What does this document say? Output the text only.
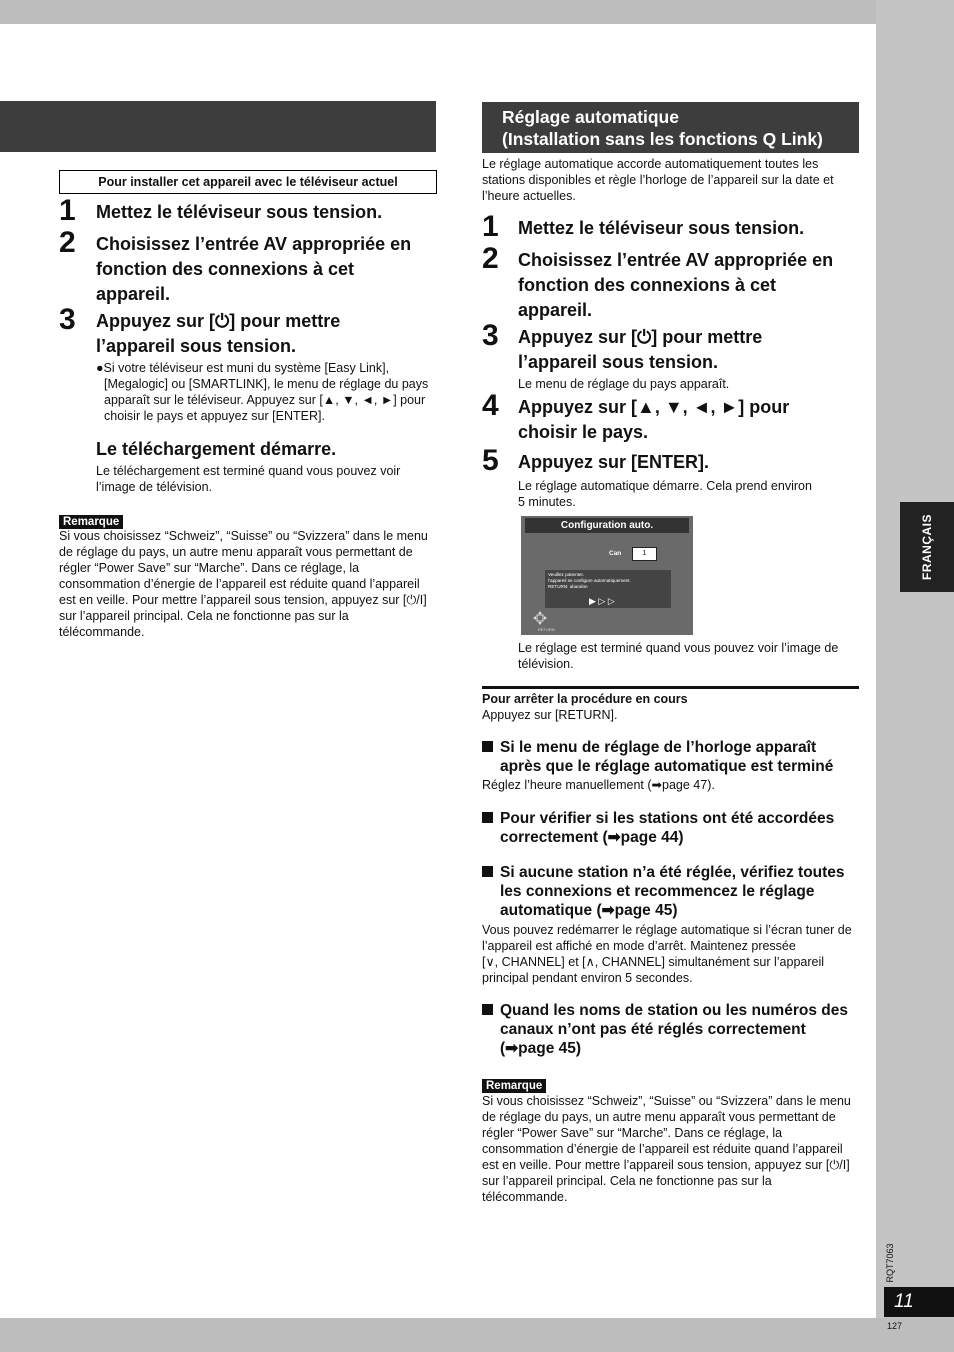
FRANÇAIS
RQT7063
11
127
Pour installer cet appareil avec le téléviseur actuel
1 Mettez le téléviseur sous tension.
2 Choisissez l’entrée AV appropriée en
fonction des connexions à cet
appareil.
3 Appuyez sur [⏻] pour mettre
l’appareil sous tension.
●Si votre téléviseur est muni du système [Easy Link],
[Megalogic] ou [SMARTLINK], le menu de réglage du pays
apparaît sur le téléviseur. Appuyez sur [▲, ▼, ◄, ►] pour
choisir le pays et appuyez sur [ENTER].
Le téléchargement démarre.
Le téléchargement est terminé quand vous pouvez voir
l’image de télévision.
Remarque
Si vous choisissez “Schweiz”, “Suisse” ou “Svizzera” dans le menu
de réglage du pays, un autre menu apparaît vous permettant de
régler “Power Save” sur “Marche”. Dans ce réglage, la
consommation d’énergie de l’appareil est réduite quand l’appareil
est en veille. Pour mettre l’appareil sous tension, appuyez sur [⏻/I]
sur l’appareil principal. Cela ne fonctionne pas sur la
télécommande.
Réglage automatique
(Installation sans les fonctions Q Link)
Le réglage automatique accorde automatiquement toutes les
stations disponibles et règle l’horloge de l’appareil sur la date et
l’heure actuelles.
1 Mettez le téléviseur sous tension.
2 Choisissez l’entrée AV appropriée en
fonction des connexions à cet
appareil.
3 Appuyez sur [⏻] pour mettre
l’appareil sous tension.
Le menu de réglage du pays apparaît.
4 Appuyez sur [▲, ▼, ◄, ►] pour
choisir le pays.
5 Appuyez sur [ENTER].
Le réglage automatique démarre. Cela prend environ
5 minutes.
Configuration auto.
Can	1
Veuillez patienter.
l’appareil se configure automatiquement.
RETURN: abandon
▶ ▷ ▷
RETURN
Le réglage est terminé quand vous pouvez voir l’image de
télévision.
Pour arrêter la procédure en cours
Appuyez sur [RETURN].
Si le menu de réglage de l’horloge apparaît
après que le réglage automatique est terminé
Réglez l’heure manuellement (➡page 47).
Pour vérifier si les stations ont été accordées
correctement (➡page 44)
Si aucune station n’a été réglée, vérifiez toutes
les connexions et recommencez le réglage
automatique (➡page 45)
Vous pouvez redémarrer le réglage automatique si l’écran tuner de
l’appareil est affiché en mode d’arrêt. Maintenez pressée
[∨, CHANNEL] et [∧, CHANNEL] simultanément sur l’appareil
principal pendant environ 5 secondes.
Quand les noms de station ou les numéros des
canaux n’ont pas été réglés correctement
(➡page 45)
Remarque
Si vous choisissez “Schweiz”, “Suisse” ou “Svizzera” dans le menu
de réglage du pays, un autre menu apparaît vous permettant de
régler “Power Save” sur “Marche”. Dans ce réglage, la
consommation d’énergie de l’appareil est réduite quand l’appareil
est en veille. Pour mettre l’appareil sous tension, appuyez sur [⏻/I]
sur l’appareil principal. Cela ne fonctionne pas sur la
télécommande.
